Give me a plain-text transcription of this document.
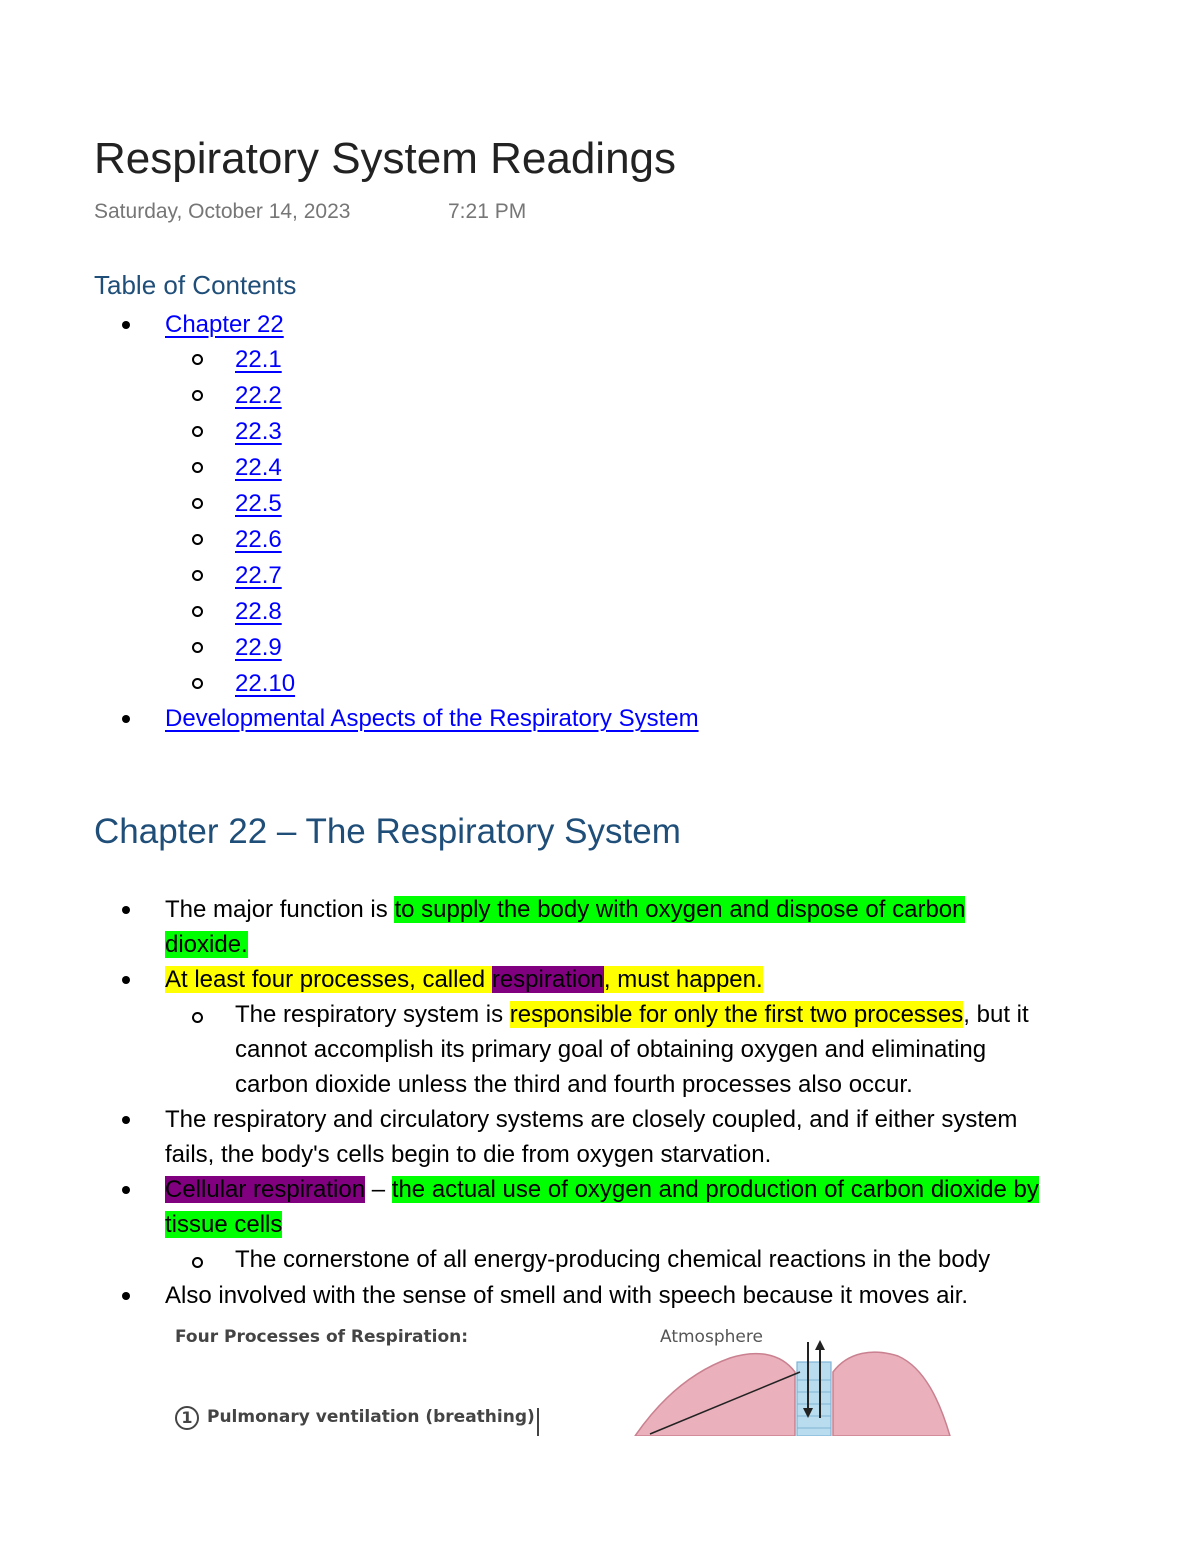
Respiratory System Readings
Saturday, October 14, 2023	7:21 PM
Table of Contents
Chapter 22
22.1
22.2
22.3
22.4
22.5
22.6
22.7
22.8
22.9
22.10
Developmental Aspects of the Respiratory System
Chapter 22 – The Respiratory System
The major function is to supply the body with oxygen and dispose of carbon
dioxide.
At least four processes, called respiration, must happen.
The respiratory system is responsible for only the first two processes, but it
cannot accomplish its primary goal of obtaining oxygen and eliminating
carbon dioxide unless the third and fourth processes also occur.
The respiratory and circulatory systems are closely coupled, and if either system
fails, the body's cells begin to die from oxygen starvation.
Cellular respiration – the actual use of oxygen and production of carbon dioxide by
tissue cells
The cornerstone of all energy-producing chemical reactions in the body
Also involved with the sense of smell and with speech because it moves air.
Four Processes of Respiration:	Atmosphere
1 Pulmonary ventilation (breathing)
